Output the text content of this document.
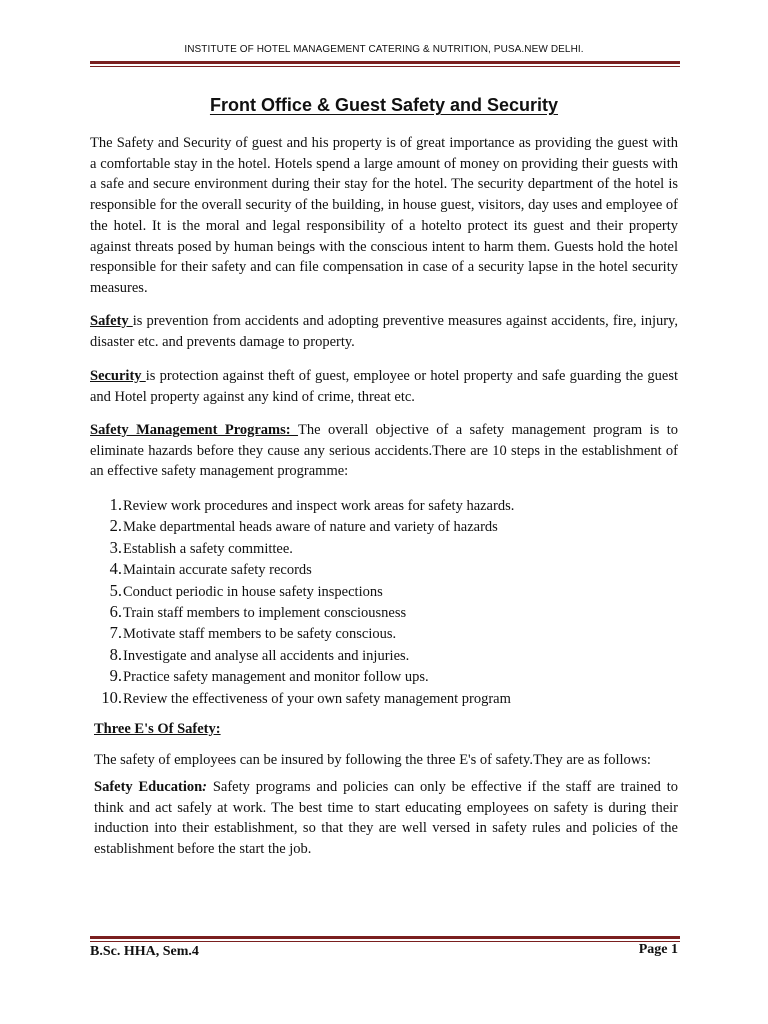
INSTITUTE OF HOTEL MANAGEMENT CATERING & NUTRITION, PUSA.NEW DELHI.
Front Office & Guest Safety and Security

The Safety and Security of guest and his property is of great importance as providing the guest with a comfortable stay in the hotel. Hotels spend a large amount of money on providing their guests with a safe and secure environment during their stay for the hotel. The security department of the hotel is responsible for the overall security of the building, in house guest, visitors, day uses and employee of the hotel. It is the moral and legal responsibility of a hotelto protect its guest and their property against threats posed by human beings with the conscious intent to harm them. Guests hold the hotel responsible for their safety and can file compensation in case of a security lapse in the hotel security measures.

Safety is prevention from accidents and adopting preventive measures against accidents, fire, injury, disaster etc. and prevents damage to property.

Security is protection against theft of guest, employee or hotel property and safe guarding the guest and Hotel property against any kind of crime, threat etc.

Safety Management Programs: The overall objective of a safety management program is to eliminate hazards before they cause any serious accidents.There are 10 steps in the establishment of an effective safety management programme:

1.Review work procedures and inspect work areas for safety hazards.
2.Make departmental heads aware of nature and variety of hazards
3.Establish a safety committee.
4.Maintain accurate safety records
5.Conduct periodic in house safety inspections
6.Train staff members to implement consciousness
7.Motivate staff members to be safety conscious.
8.Investigate and analyse all accidents and injuries.
9.Practice safety management and monitor follow ups.
10.Review the effectiveness of your own safety management program

Three E's Of Safety:

The safety of employees can be insured by following the three E's of safety.They are as follows:

Safety Education: Safety programs and policies can only be effective if the staff are trained to think and act safely at work. The best time to start educating employees on safety is during their induction into their establishment, so that they are well versed in safety rules and policies of the establishment before the start the job.

B.Sc. HHA, Sem.4	Page 1
